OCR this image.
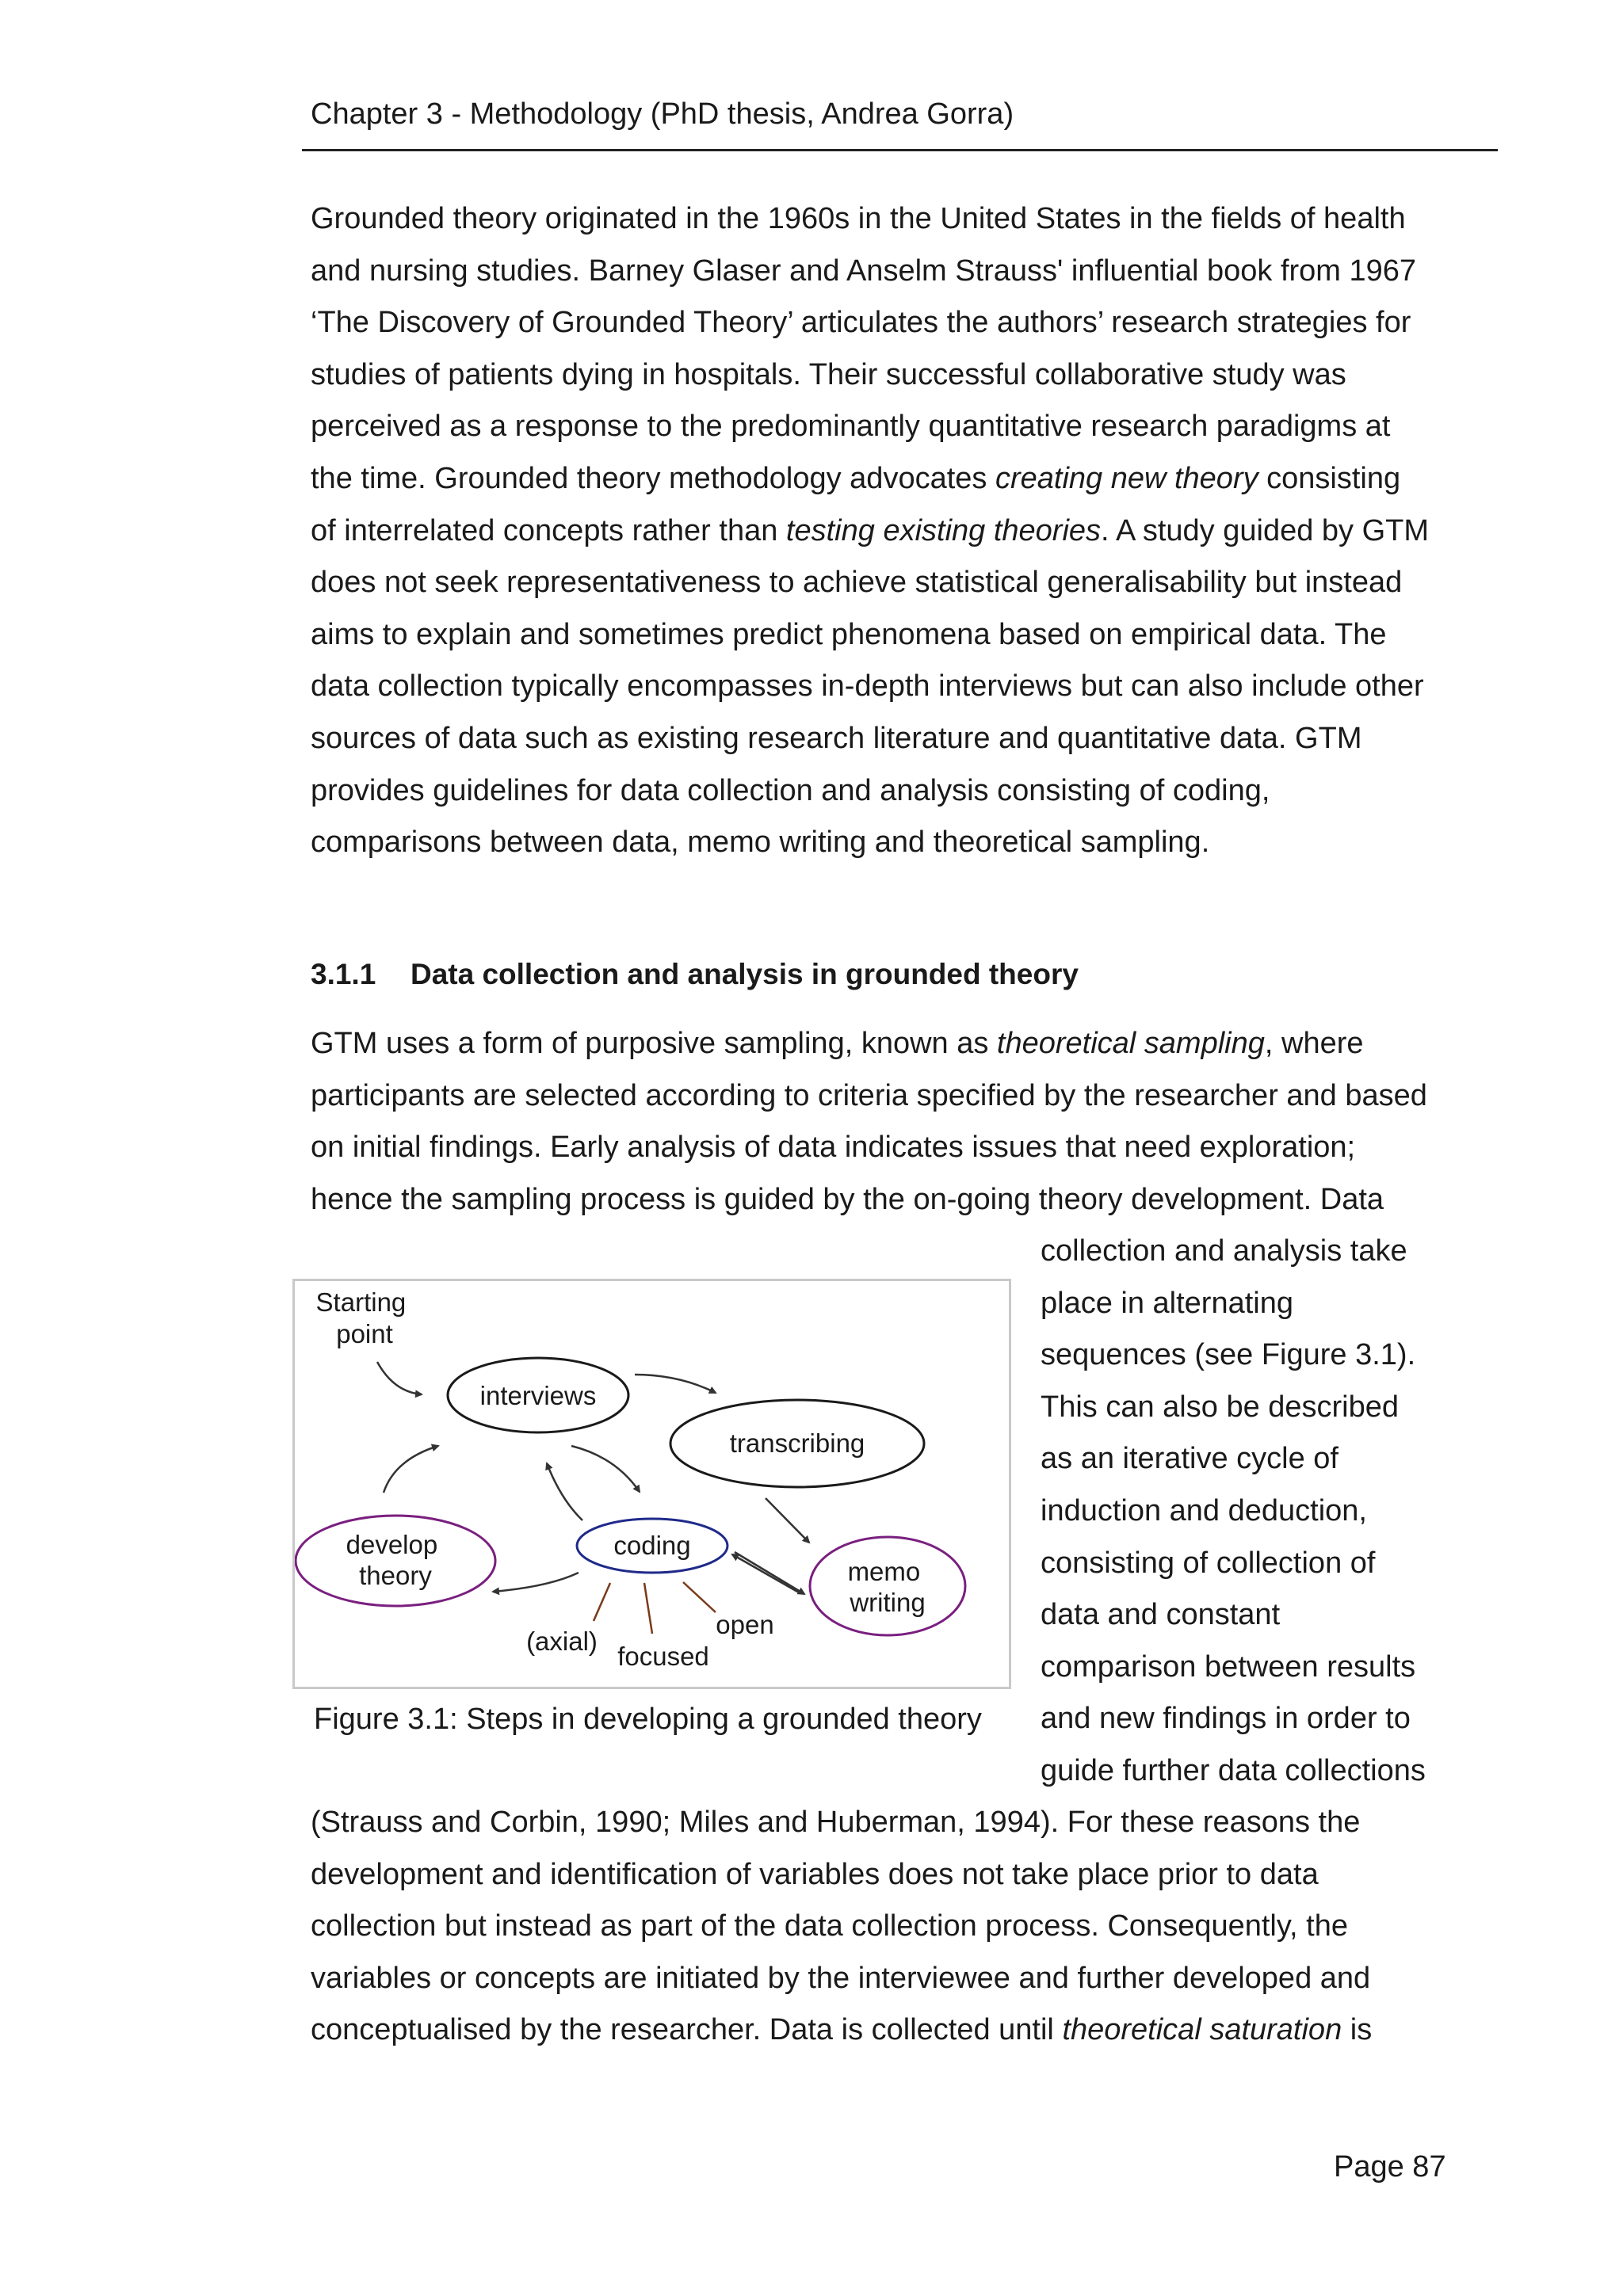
Chapter 3 - Methodology (PhD thesis, Andrea Gorra)
Grounded theory originated in the 1960s in the United States in the fields of health
and nursing studies. Barney Glaser and Anselm Strauss' influential book from 1967
‘The Discovery of Grounded Theory’ articulates the authors’ research strategies for
studies of patients dying in hospitals. Their successful collaborative study was
perceived as a response to the predominantly quantitative research paradigms at
the time. Grounded theory methodology advocates creating new theory consisting
of interrelated concepts rather than testing existing theories. A study guided by GTM
does not seek representativeness to achieve statistical generalisability but instead
aims to explain and sometimes predict phenomena based on empirical data. The
data collection typically encompasses in-depth interviews but can also include other
sources of data such as existing research literature and quantitative data. GTM
provides guidelines for data collection and analysis consisting of coding,
comparisons between data, memo writing and theoretical sampling.
3.1.1 Data collection and analysis in grounded theory
GTM uses a form of purposive sampling, known as theoretical sampling, where
participants are selected according to criteria specified by the researcher and based
on initial findings. Early analysis of data indicates issues that need exploration;
hence the sampling process is guided by the on-going theory development. Data
collection and analysis take
place in alternating
sequences (see Figure 3.1).
This can also be described
as an iterative cycle of
induction and deduction,
consisting of collection of
data and constant
comparison between results
and new findings in order to
guide further data collections
Starting point
interviews
transcribing
coding
memo writing
develop theory
(axial)
focused
open
Figure 3.1: Steps in developing a grounded theory
(Strauss and Corbin, 1990; Miles and Huberman, 1994). For these reasons the
development and identification of variables does not take place prior to data
collection but instead as part of the data collection process. Consequently, the
variables or concepts are initiated by the interviewee and further developed and
conceptualised by the researcher. Data is collected until theoretical saturation is
Page 87
